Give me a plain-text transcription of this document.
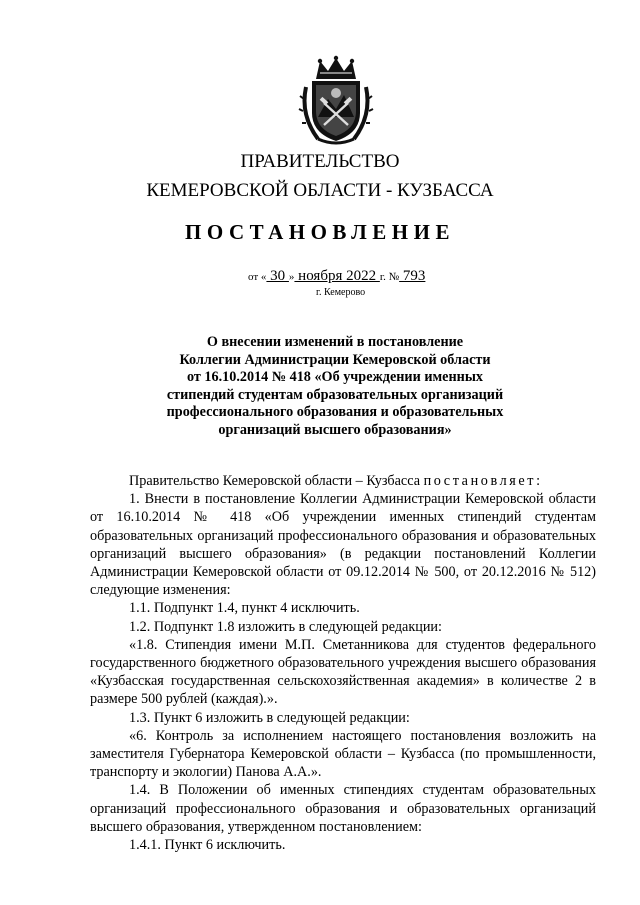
ПРАВИТЕЛЬСТВО
КЕМЕРОВСКОЙ ОБЛАСТИ - КУЗБАССА
ПОСТАНОВЛЕНИЕ
от « 30 » ноября 2022 г. № 793
г. Кемерово
О внесении изменений в постановление
Коллегии Администрации Кемеровской области
от 16.10.2014 № 418 «Об учреждении именных
стипендий студентам образовательных организаций
профессионального образования и образовательных
организаций высшего образования»

Правительство Кемеровской области – Кузбасса постановляет:

1. Внести в постановление Коллегии Администрации Кемеровской области от 16.10.2014 № 418 «Об учреждении именных стипендий студентам образовательных организаций профессионального образования и образовательных организаций высшего образования» (в редакции постановлений Коллегии Администрации Кемеровской области от 09.12.2014 № 500, от 20.12.2016 № 512) следующие изменения:

1.1. Подпункт 1.4, пункт 4 исключить.

1.2. Подпункт 1.8 изложить в следующей редакции:

«1.8. Стипендия имени М.П. Сметанникова для студентов федерального государственного бюджетного образовательного учреждения высшего образования «Кузбасская государственная сельскохозяйственная академия» в количестве 2 в размере 500 рублей (каждая).».

1.3. Пункт 6 изложить в следующей редакции:

«6. Контроль за исполнением настоящего постановления возложить на заместителя Губернатора Кемеровской области – Кузбасса (по промышленности, транспорту и экологии) Панова А.А.».

1.4. В Положении об именных стипендиях студентам образовательных организаций профессионального образования и образовательных организаций высшего образования, утвержденном постановлением:

1.4.1. Пункт 6 исключить.
